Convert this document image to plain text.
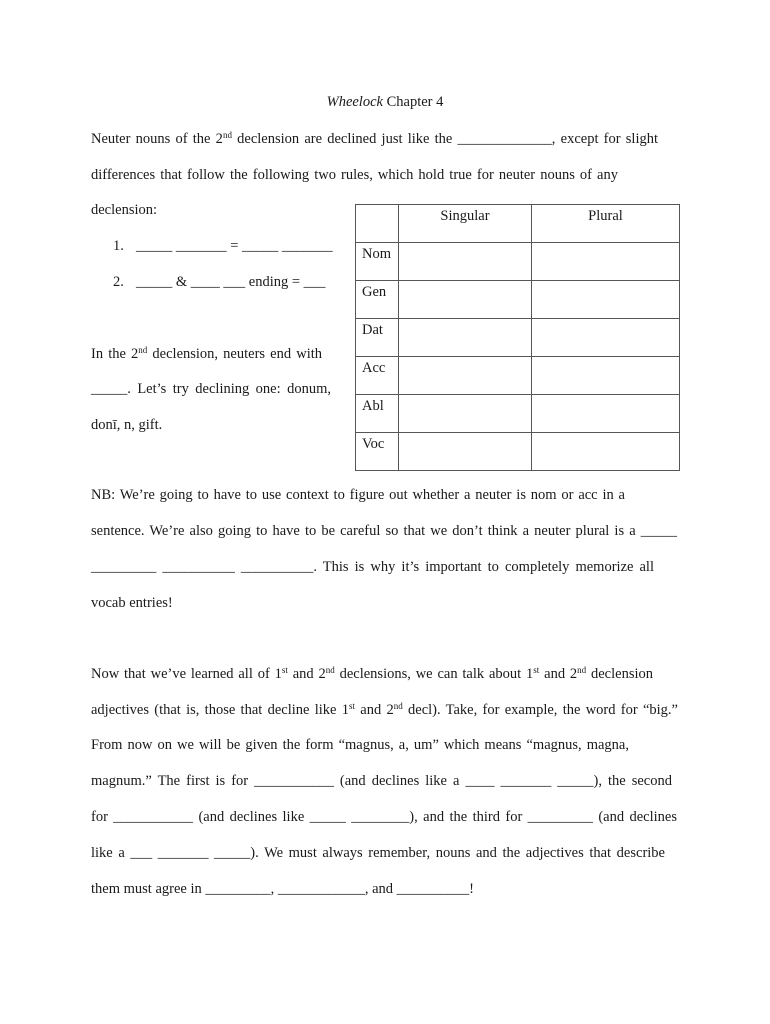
Wheelock Chapter 4
Neuter nouns of the 2nd declension are declined just like the _____________, except for slight
differences that follow the following two rules, which hold true for neuter nouns of any
declension:
1. _____ _______ = _____ _______
2. _____ & ____ ___ ending = ___
In the 2nd declension, neuters end with
_____. Let’s try declining one: donum,
donī, n, gift.
	Singular	Plural
Nom		
Gen		
Dat		
Acc		
Abl		
Voc		
NB: We’re going to have to use context to figure out whether a neuter is nom or acc in a
sentence. We’re also going to have to be careful so that we don’t think a neuter plural is a _____
_________ __________ __________. This is why it’s important to completely memorize all
vocab entries!
Now that we’ve learned all of 1st and 2nd declensions, we can talk about 1st and 2nd declension
adjectives (that is, those that decline like 1st and 2nd decl). Take, for example, the word for “big.”
From now on we will be given the form “magnus, a, um” which means “magnus, magna,
magnum.” The first is for ___________ (and declines like a ____ _______ _____), the second
for ___________ (and declines like _____ ________), and the third for _________ (and declines
like a ___ _______ _____). We must always remember, nouns and the adjectives that describe
them must agree in _________, ____________, and __________!
